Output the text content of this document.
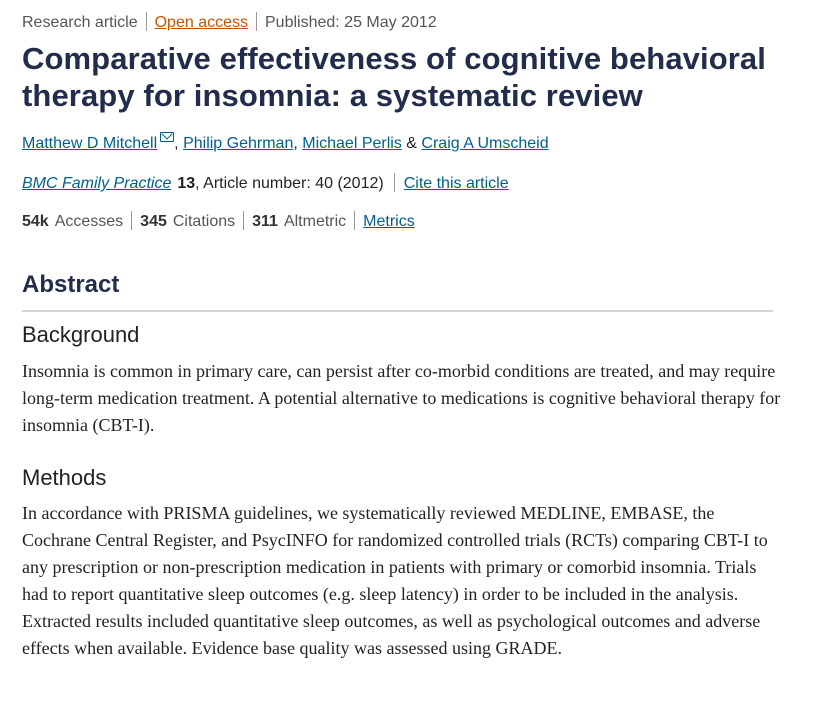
Research article Open access Published: 25 May 2012
Comparative effectiveness of cognitive behavioral therapy for insomnia: a systematic review
Matthew D Mitchell , Philip Gehrman, Michael Perlis & Craig A Umscheid
BMC Family Practice 13, Article number: 40 (2012) Cite this article
54k Accesses 345 Citations 311 Altmetric Metrics
Abstract
Background

Insomnia is common in primary care, can persist after co-morbid conditions are treated, and may require long-term medication treatment. A potential alternative to medications is cognitive behavioral therapy for insomnia (CBT-I).

Methods

In accordance with PRISMA guidelines, we systematically reviewed MEDLINE, EMBASE, the Cochrane Central Register, and PsycINFO for randomized controlled trials (RCTs) comparing CBT-I to any prescription or non-prescription medication in patients with primary or comorbid insomnia. Trials had to report quantitative sleep outcomes (e.g. sleep latency) in order to be included in the analysis. Extracted results included quantitative sleep outcomes, as well as psychological outcomes and adverse effects when available. Evidence base quality was assessed using GRADE.
